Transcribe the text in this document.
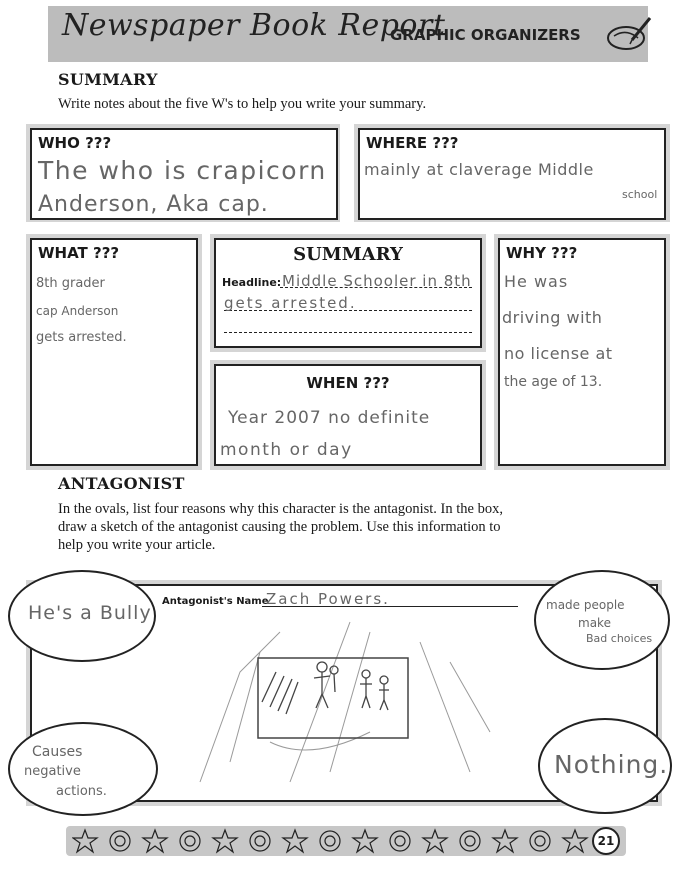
Newspaper Book Report
GRAPHIC ORGANIZERS
SUMMARY
Write notes about the five W's to help you write your summary.
WHO ???
The who is crapicorn
Anderson, Aka cap.
WHERE ???
mainly at claverage Middle
school
WHAT ???
8th grader
cap Anderson
gets arrested.
SUMMARY
Headline: Middle Schooler in 8th
gets arrested.
WHY ???
He was
driving with
no license at
the age of 13.
WHEN ???
Year 2007 no definite
month or day
ANTAGONIST
In the ovals, list four reasons why this character is the antagonist. In the box,
draw a sketch of the antagonist causing the problem. Use this information to
help you write your article.
Antagonist's Name
Zach Powers.
He's a Bully	made people
make
Bad choices
Causes
negative
actions.
Nothing.
21
